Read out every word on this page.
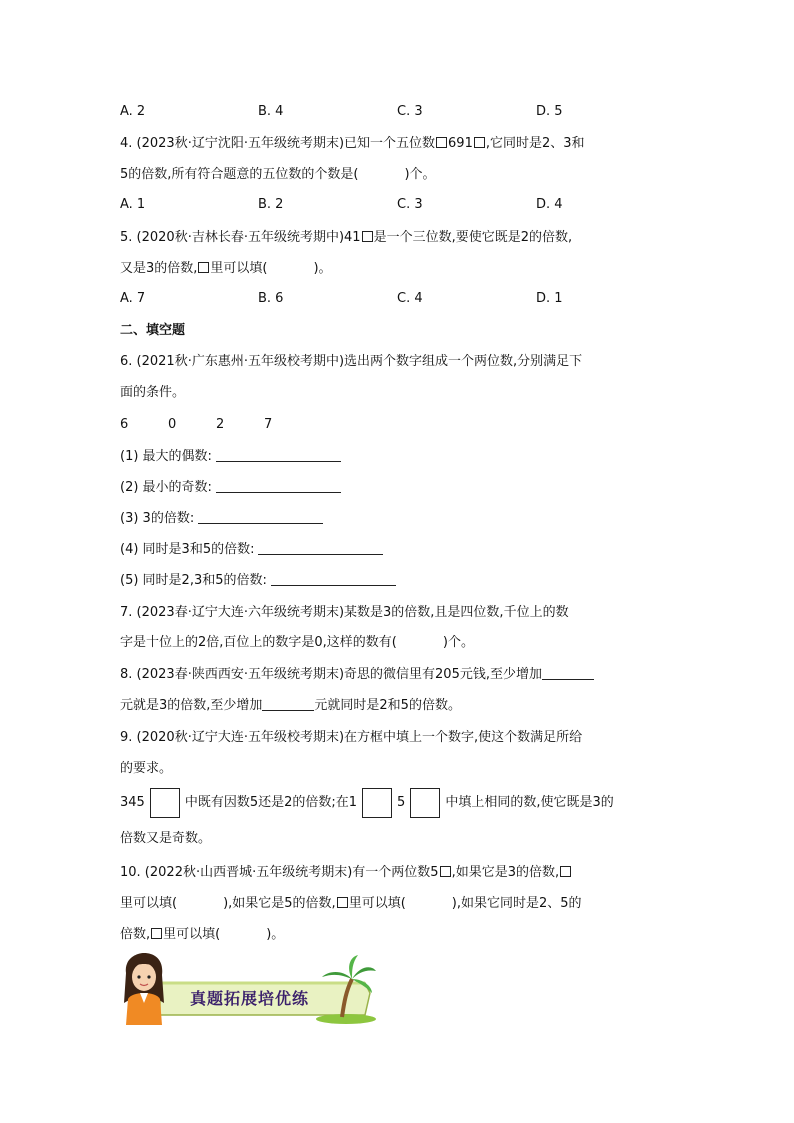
A. 2	B. 4	C. 3	D. 5
4. (2023秋·辽宁沈阳·五年级统考期末)已知一个五位数 691 ,它同时是2、3和
5的倍数,所有符合题意的五位数的个数是(	)个。
A. 1	B. 2	C. 3	D. 4
5. (2020秋·吉林长春·五年级统考期中)41 是一个三位数,要使它既是2的倍数,
又是3的倍数, 里可以填(	)。
A. 7	B. 6	C. 4	D. 1
二、填空题
6. (2021秋·广东惠州·五年级校考期中)选出两个数字组成一个两位数,分别满足下
面的条件。
6	0	2	7
(1) 最大的偶数:
(2) 最小的奇数:
(3) 3的倍数:
(4) 同时是3和5的倍数:
(5) 同时是2,3和5的倍数:
7. (2023春·辽宁大连·六年级统考期末)某数是3的倍数,且是四位数,千位上的数
字是十位上的2倍,百位上的数字是0,这样的数有(	)个。
8. (2023春·陕西西安·五年级统考期末)奇思的微信里有205元钱,至少增加
元就是3的倍数,至少增加	元就同时是2和5的倍数。
9. (2020秋·辽宁大连·五年级校考期末)在方框中填上一个数字,使这个数满足所给
的要求。
345	中既有因数5还是2的倍数;在1	5	中填上相同的数,使它既是3的
倍数又是奇数。
10. (2022秋·山西晋城·五年级统考期末)有一个两位数5 ,如果它是3的倍数,
里可以填(	),如果它是5的倍数, 里可以填(	),如果它同时是2、5的
倍数, 里可以填(	)。
真题拓展培优练
